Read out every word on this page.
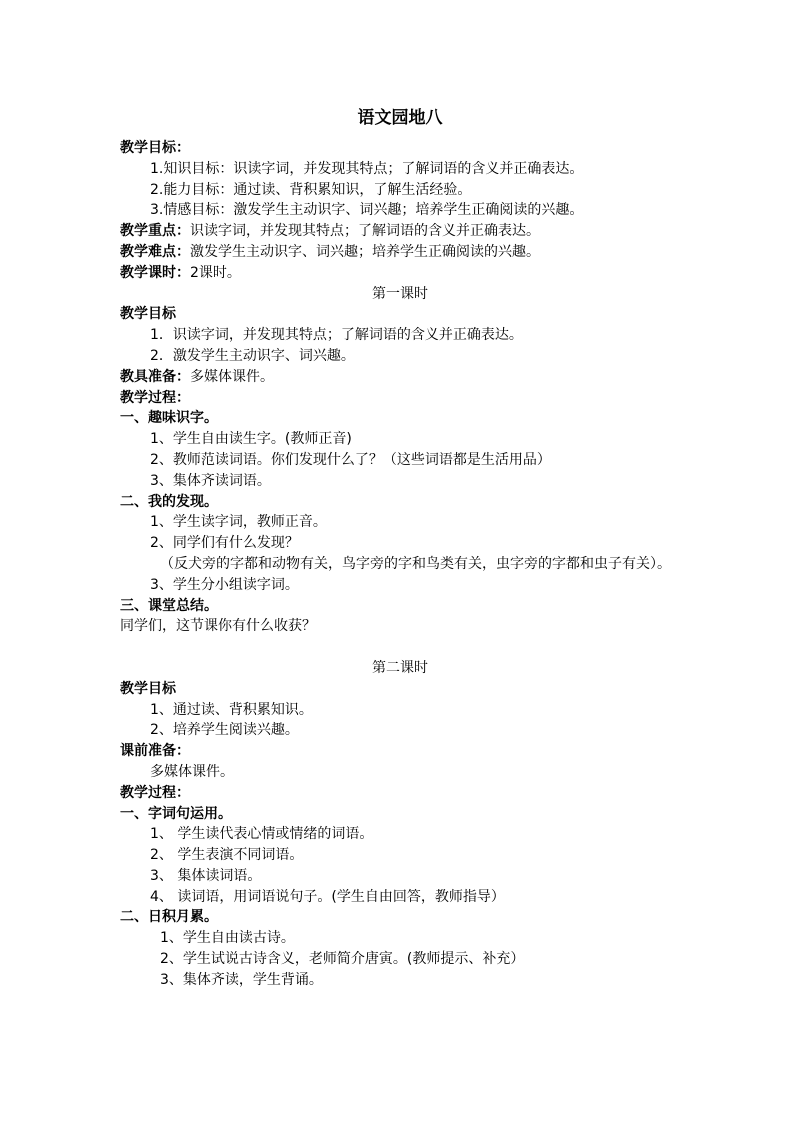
语文园地八
教学目标：
1.知识目标：识读字词，并发现其特点；了解词语的含义并正确表达。
2.能力目标：通过读、背积累知识，了解生活经验。
3.情感目标：激发学生主动识字、词兴趣；培养学生正确阅读的兴趣。
教学重点：识读字词，并发现其特点；了解词语的含义并正确表达。
教学难点：激发学生主动识字、词兴趣；培养学生正确阅读的兴趣。
教学课时：2课时。
第一课时
教学目标
1．识读字词，并发现其特点；了解词语的含义并正确表达。
2．激发学生主动识字、词兴趣。
教具准备：多媒体课件。
教学过程：
一、趣味识字。
1、学生自由读生字。(教师正音)
2、教师范读词语。你们发现什么了？（这些词语都是生活用品）
3、集体齐读词语。
二、我的发现。
1、学生读字词，教师正音。
2、同学们有什么发现？
（反犬旁的字都和动物有关，鸟字旁的字和鸟类有关，虫字旁的字都和虫子有关）。
3、学生分小组读字词。
三、课堂总结。
同学们，这节课你有什么收获？
第二课时
教学目标
1、通过读、背积累知识。
2、培养学生阅读兴趣。
课前准备：
多媒体课件。
教学过程：
一、字词句运用。
1、 学生读代表心情或情绪的词语。
2、 学生表演不同词语。
3、 集体读词语。
4、 读词语，用词语说句子。(学生自由回答，教师指导）
二、日积月累。
1、学生自由读古诗。
2、学生试说古诗含义，老师简介唐寅。(教师提示、补充）
3、集体齐读，学生背诵。
